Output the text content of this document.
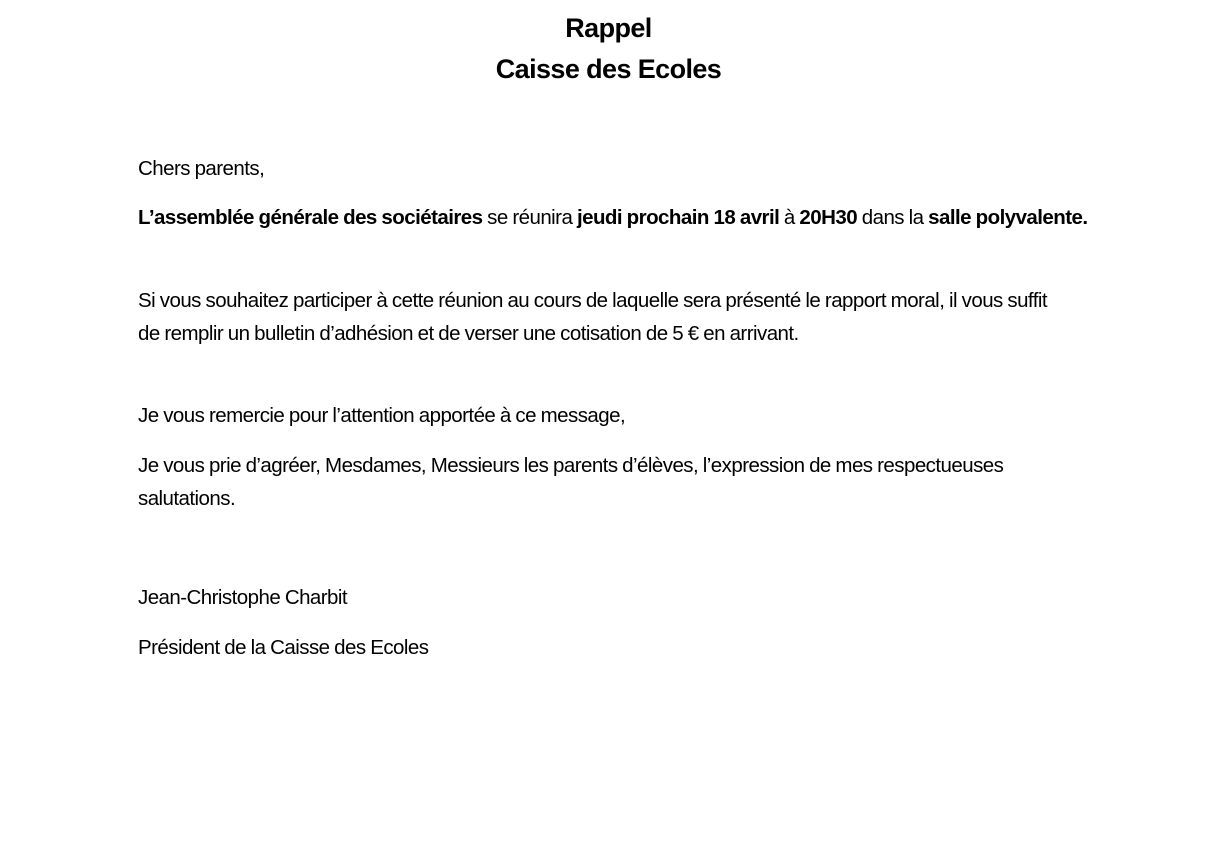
Rappel
Caisse des Ecoles
Chers parents,
L’assemblée générale des sociétaires se réunira jeudi prochain 18 avril à 20H30 dans la salle polyvalente.
Si vous souhaitez participer à cette réunion au cours de laquelle sera présenté le rapport moral, il vous suffit de remplir un bulletin d’adhésion et de verser une cotisation de 5 € en arrivant.
Je vous remercie pour l’attention apportée à ce message,
Je vous prie d’agréer, Mesdames, Messieurs les parents d’élèves, l’expression de mes respectueuses salutations.
Jean-Christophe Charbit
Président de la Caisse des Ecoles
